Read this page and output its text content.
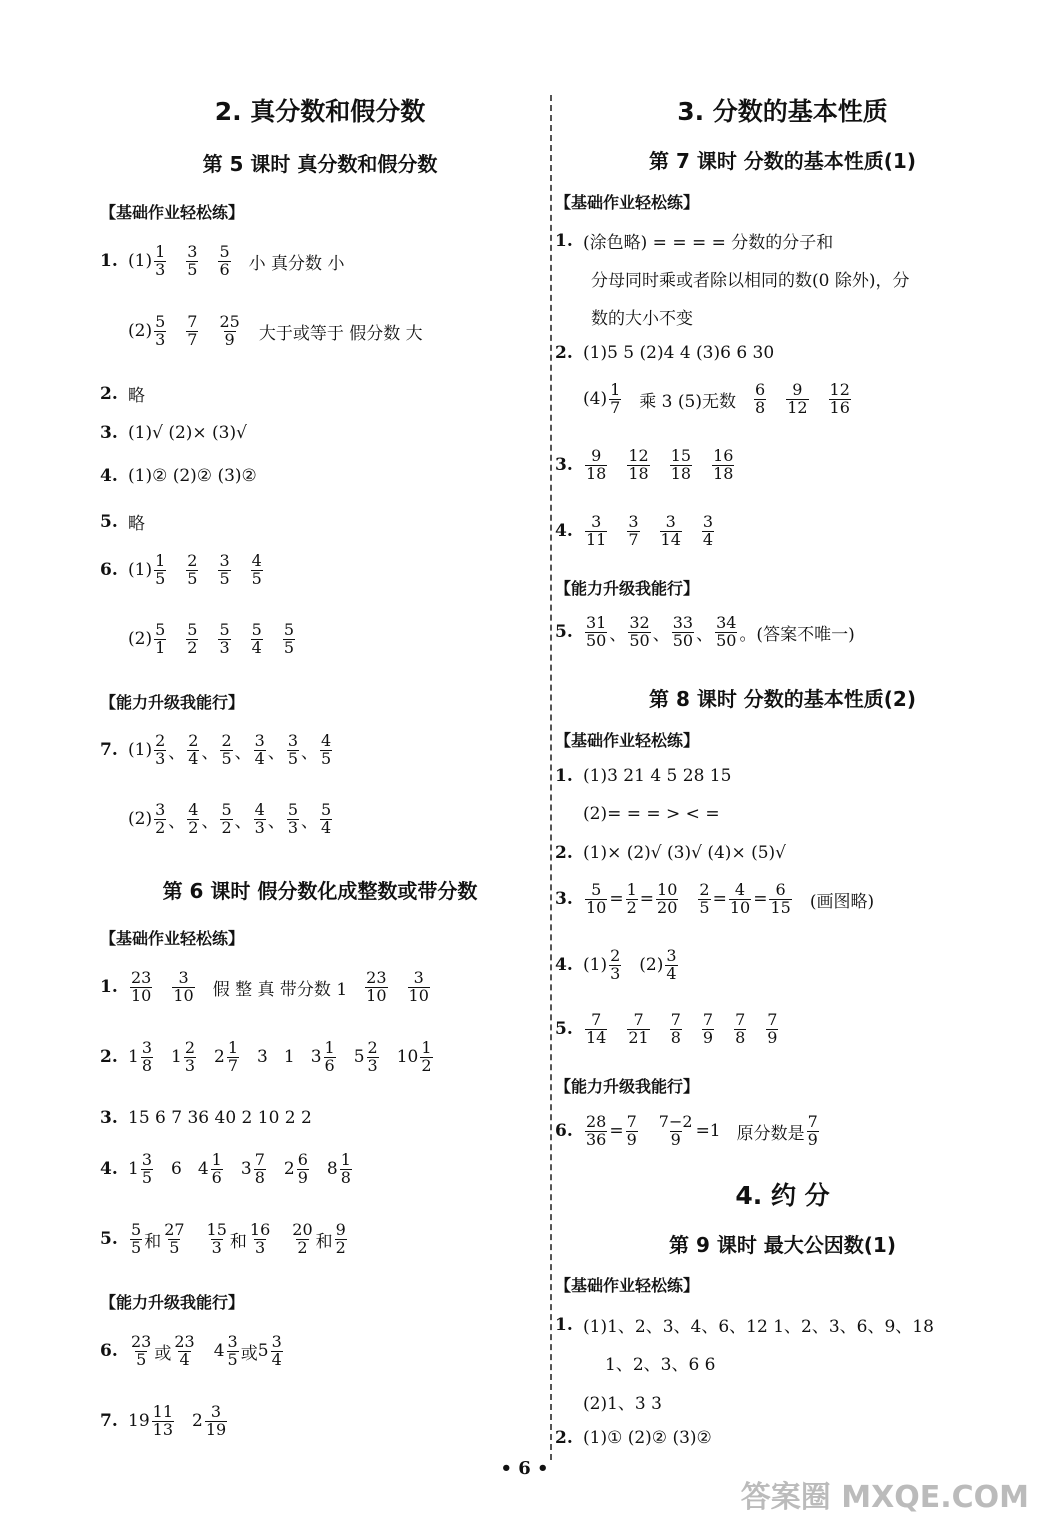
2. 真分数和假分数
第 5 课时 真分数和假分数
【基础作业轻松练】
1. $(1) \frac{1}{3} \frac{3}{5} \frac{5}{6}$ 小 真分数 小
$(2) \frac{5}{3} \frac{7}{7} \frac{25}{9}$ 大于或等于 假分数 大
2. 略
3. (1)√ (2)× (3)√
4. (1)② (2)② (3)②
5. 略
6. $(1) \frac{1}{5} \frac{2}{5} \frac{3}{5} \frac{4}{5}$
$(2) \frac{5}{1} \frac{5}{2} \frac{5}{3} \frac{5}{4} \frac{5}{5}$
【能力升级我能行】
7. $(1) \frac{2}{3}$ 、 $\frac{2}{4}$ 、 $\frac{2}{5}$ 、 $\frac{3}{4}$ 、 $\frac{3}{5}$ 、 $\frac{4}{5}$
$(2) \frac{3}{2}$ 、 $\frac{4}{2}$ 、 $\frac{5}{2}$ 、 $\frac{4}{3}$ 、 $\frac{5}{3}$ 、 $\frac{5}{4}$
第 6 课时 假分数化成整数或带分数
【基础作业轻松练】
1. $\frac{23}{10} \frac{3}{10}$ 假 整 真 带分数 $1 \frac{23}{10} \frac{3}{10}$
2. $1 \frac{3}{8} 1 \frac{2}{3} 2 \frac{1}{7} 3$ 1
$3 \frac{1}{6} 5 \frac{2}{3} 10 \frac{1}{2}$
3. 15 6 7 36 40 2 10 2 2
4. $1 \frac{3}{5} 6$
$4 \frac{1}{6} 3 \frac{7}{8} 2 \frac{6}{9} 8 \frac{1}{8}$
5. $\frac{5}{5}$ 和 $\frac{27}{5} \frac{15}{3}$ 和 $\frac{16}{3} \frac{20}{2}$ 和 $\frac{9}{2}$
【能力升级我能行】
6. $\frac{23}{5}$ 或 $\frac{23}{4} 4 \frac{3}{5}$ 或 $5 \frac{3}{4}$
7. $19 \frac{11}{13} 2 \frac{3}{19}$
3. 分数的基本性质
第 7 课时 分数的基本性质(1)
【基础作业轻松练】
1. (涂色略) = = = = 分数的分子和
分母同时乘或者除以相同的数(0 除外)，分
数的大小不变
2. (1)5 5 (2)4 4 (3)6 6 30
$(4) \frac{1}{7}$ 乘 3 (5)无数 $\frac{6}{8} \frac{9}{12} \frac{12}{16}$
3. $\frac{9}{18} \frac{12}{18} \frac{15}{18} \frac{16}{18}$
4. $\frac{3}{11} \frac{3}{7} \frac{3}{14} \frac{3}{4}$
【能力升级我能行】
5. $\frac{31}{50}$ 、 $\frac{32}{50}$ 、 $\frac{33}{50}$ 、 $\frac{34}{50}$ 。(答案不唯一)
第 8 课时 分数的基本性质(2)
【基础作业轻松练】
1. (1)3 21 4 5 28 15
(2)= = = > < =
2. (1)× (2)√ (3)√ (4)× (5)√
3. $\frac{5}{10} = \frac{1}{2} = \frac{10}{20} \frac{2}{5} = \frac{4}{10} = \frac{6}{15}$ (画图略)
4. $(1) \frac{2}{3} (2) \frac{3}{4}$
5. $\frac{7}{14} \frac{7}{21} \frac{7}{8} \frac{7}{9} \frac{7}{8} \frac{7}{9}$
【能力升级我能行】
6. $\frac{28}{36} = \frac{7}{9} \frac{7-2}{9} =1$ 原分数是 $\frac{7}{9}$
4. 约 分
第 9 课时 最大公因数(1)
【基础作业轻松练】
1. (1)1、2、3、4、6、12 1、2、3、6、9、18
1、2、3、6 6
(2)1、3 3
2. (1)① (2)② (3)②
• 6 •
答案圈 MXQE.COM
